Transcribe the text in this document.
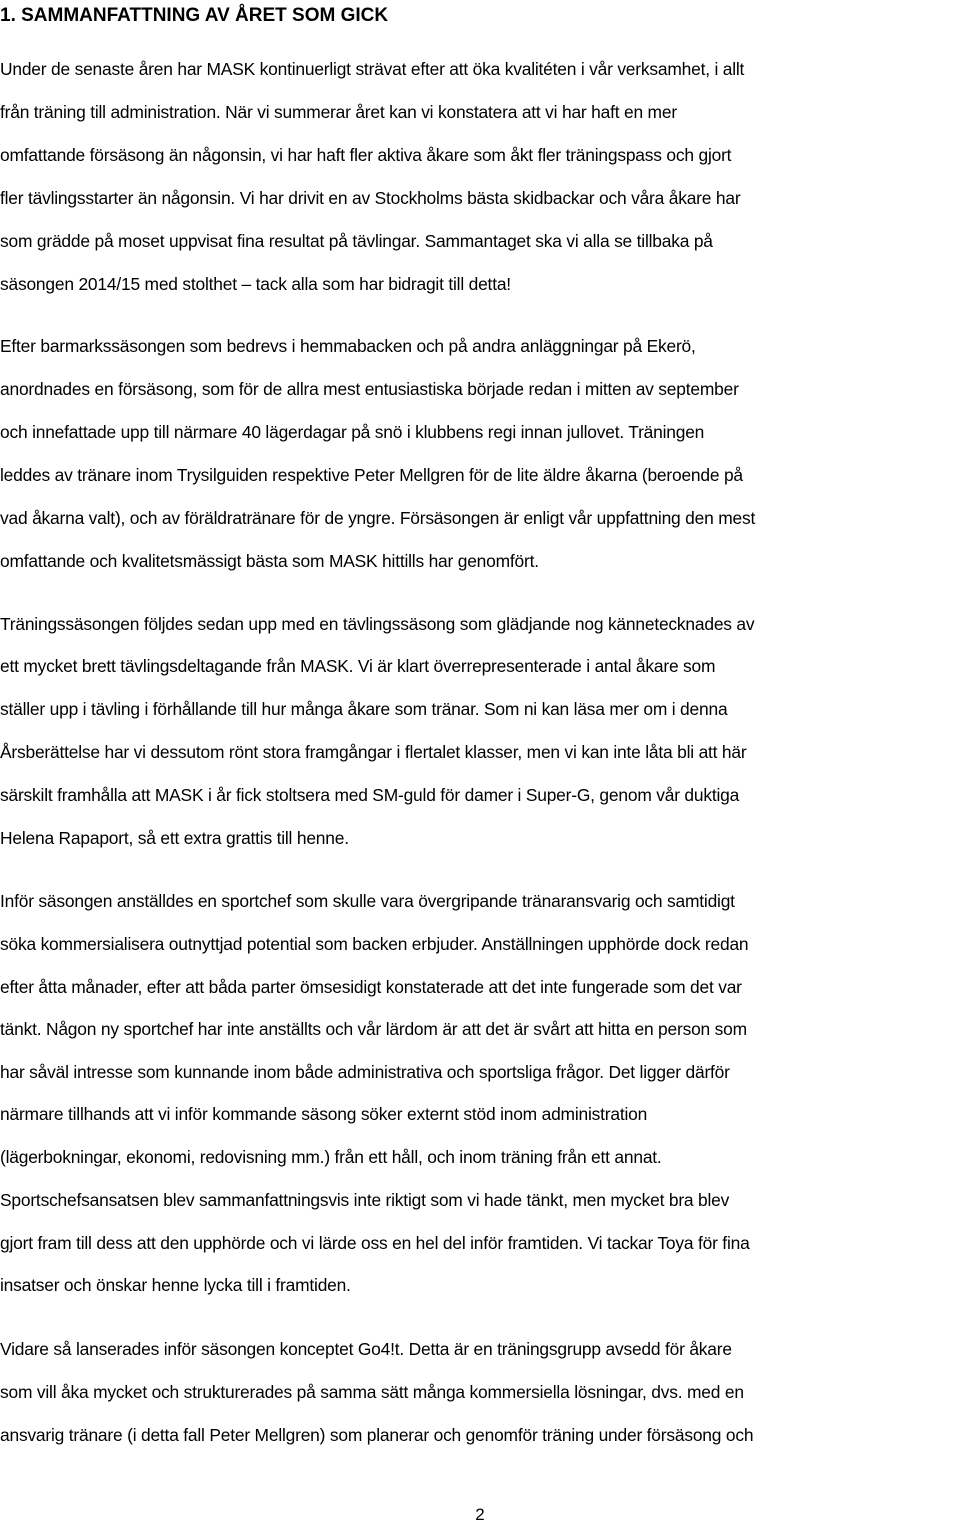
1. SAMMANFATTNING AV ÅRET SOM GICK
Under de senaste åren har MASK kontinuerligt strävat efter att öka kvalitéten i vår verksamhet, i allt
från träning till administration. När vi summerar året kan vi konstatera att vi har haft en mer
omfattande försäsong än någonsin, vi har haft fler aktiva åkare som åkt fler träningspass och gjort
fler tävlingsstarter än någonsin. Vi har drivit en av Stockholms bästa skidbackar och våra åkare har
som grädde på moset uppvisat fina resultat på tävlingar. Sammantaget ska vi alla se tillbaka på
säsongen 2014/15 med stolthet – tack alla som har bidragit till detta!
Efter barmarkssäsongen som bedrevs i hemmabacken och på andra anläggningar på Ekerö,
anordnades en försäsong, som för de allra mest entusiastiska började redan i mitten av september
och innefattade upp till närmare 40 lägerdagar på snö i klubbens regi innan jullovet. Träningen
leddes av tränare inom Trysilguiden respektive Peter Mellgren för de lite äldre åkarna (beroende på
vad åkarna valt), och av föräldratränare för de yngre. Försäsongen är enligt vår uppfattning den mest
omfattande och kvalitetsmässigt bästa som MASK hittills har genomfört.
Träningssäsongen följdes sedan upp med en tävlingssäsong som glädjande nog kännetecknades av
ett mycket brett tävlingsdeltagande från MASK. Vi är klart överrepresenterade i antal åkare som
ställer upp i tävling i förhållande till hur många åkare som tränar. Som ni kan läsa mer om i denna
Årsberättelse har vi dessutom rönt stora framgångar i flertalet klasser, men vi kan inte låta bli att här
särskilt framhålla att MASK i år fick stoltsera med SM-guld för damer i Super-G, genom vår duktiga
Helena Rapaport, så ett extra grattis till henne.
Inför säsongen anställdes en sportchef som skulle vara övergripande tränaransvarig och samtidigt
söka kommersialisera outnyttjad potential som backen erbjuder. Anställningen upphörde dock redan
efter åtta månader, efter att båda parter ömsesidigt konstaterade att det inte fungerade som det var
tänkt. Någon ny sportchef har inte anställts och vår lärdom är att det är svårt att hitta en person som
har såväl intresse som kunnande inom både administrativa och sportsliga frågor. Det ligger därför
närmare tillhands att vi inför kommande säsong söker externt stöd inom administration
(lägerbokningar, ekonomi, redovisning mm.) från ett håll, och inom träning från ett annat.
Sportschefsansatsen blev sammanfattningsvis inte riktigt som vi hade tänkt, men mycket bra blev
gjort fram till dess att den upphörde och vi lärde oss en hel del inför framtiden. Vi tackar Toya för fina
insatser och önskar henne lycka till i framtiden.
Vidare så lanserades inför säsongen konceptet Go4!t. Detta är en träningsgrupp avsedd för åkare
som vill åka mycket och strukturerades på samma sätt många kommersiella lösningar, dvs. med en
ansvarig tränare (i detta fall Peter Mellgren) som planerar och genomför träning under försäsong och
2
